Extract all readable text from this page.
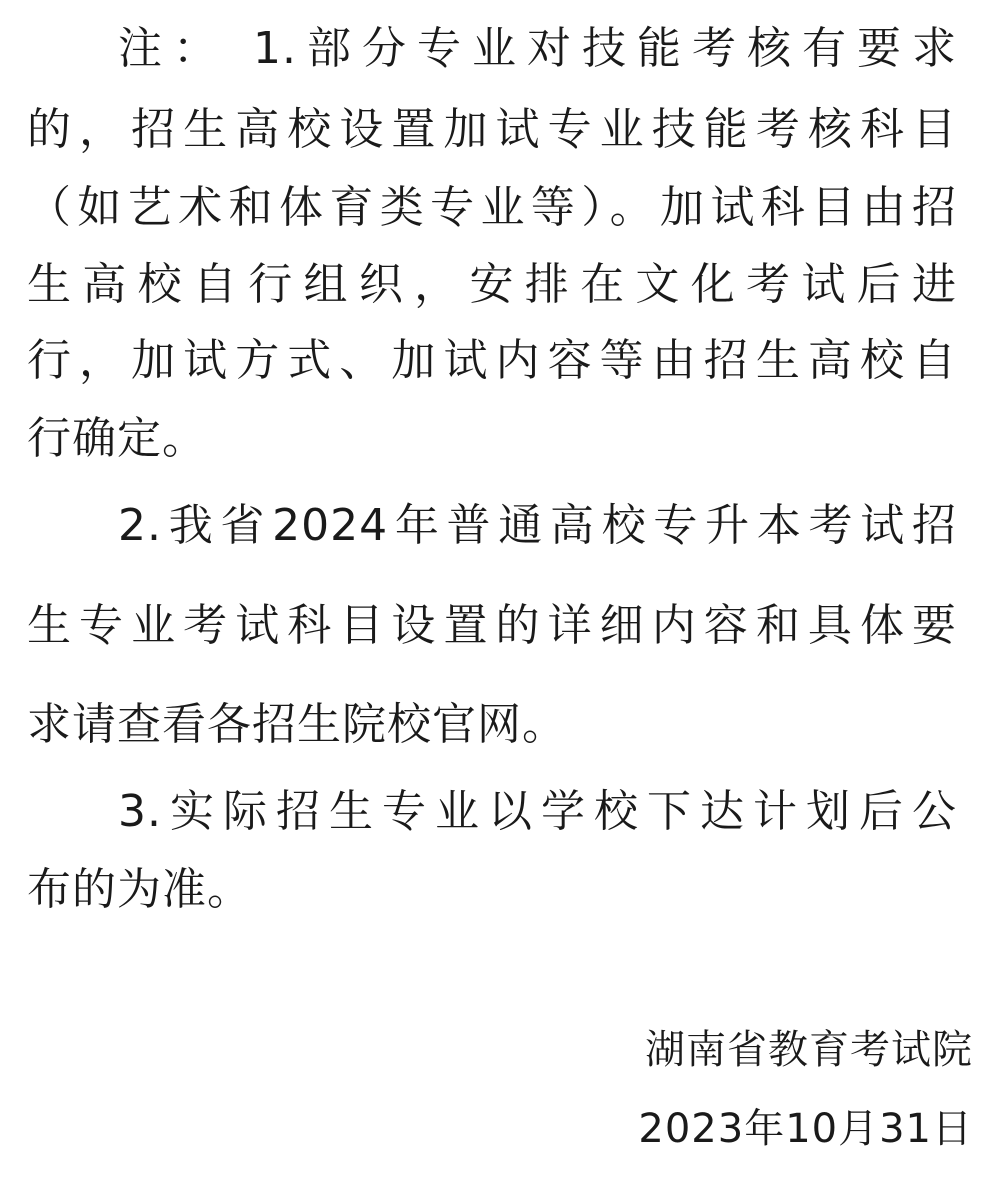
注： 1.部分专业对技能考核有要求
的，招生高校设置加试专业技能考核科目
（如艺术和体育类专业等）。加试科目由招
生高校自行组织，安排在文化考试后进
行，加试方式、加试内容等由招生高校自
行确定。
2.我省2024年普通高校专升本考试招
生专业考试科目设置的详细内容和具体要
求请查看各招生院校官网。
3.实际招生专业以学校下达计划后公
布的为准。
湖南省教育考试院
2023年10月31日
